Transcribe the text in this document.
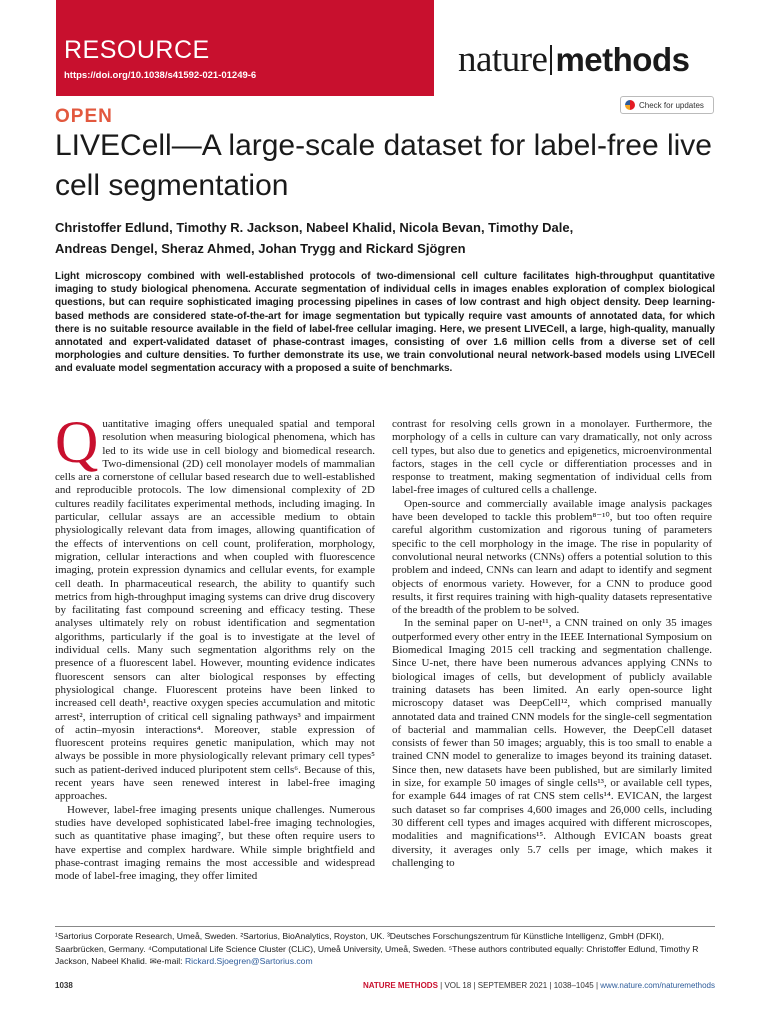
RESOURCE
https://doi.org/10.1038/s41592-021-01249-6	nature methods
Check for updates
OPEN
LIVECell—A large-scale dataset for label-free live cell segmentation
Christoffer Edlund, Timothy R. Jackson, Nabeel Khalid, Nicola Bevan, Timothy Dale,
Andreas Dengel, Sheraz Ahmed, Johan Trygg and Rickard Sjögren
Light microscopy combined with well-established protocols of two-dimensional cell culture facilitates high-throughput quantitative imaging to study biological phenomena. Accurate segmentation of individual cells in images enables exploration of complex biological questions, but can require sophisticated imaging processing pipelines in cases of low contrast and high object density. Deep learning-based methods are considered state-of-the-art for image segmentation but typically require vast amounts of annotated data, for which there is no suitable resource available in the field of label-free cellular imaging. Here, we present LIVECell, a large, high-quality, manually annotated and expert-validated dataset of phase-contrast images, consisting of over 1.6 million cells from a diverse set of cell morphologies and culture densities. To further demonstrate its use, we train convolutional neural network-based models using LIVECell and evaluate model segmentation accuracy with a proposed a suite of benchmarks.

Quantitative imaging offers unequaled spatial and temporal resolution when measuring biological phenomena, which has led to its wide use in cell biology and biomedical research. Two-dimensional (2D) cell monolayer models of mammalian cells are a cornerstone of cellular based research due to well-established and reproducible protocols. The low dimensional complexity of 2D cultures readily facilitates experimental methods, including imaging. In particular, cellular assays are an accessible medium to obtain physiologically relevant data from images, allowing quantification of the effects of interventions on cell count, proliferation, morphology, migration, cellular interactions and when coupled with fluorescence imaging, protein expression dynamics and cellular events, for example cell death. In pharmaceutical research, the ability to quantify such metrics from high-throughput imaging systems can drive drug discovery by facilitating fast compound screening and efficacy testing. These analyses ultimately rely on robust identification and segmentation algorithms, particularly if the goal is to investigate at the level of individual cells. Many such segmentation algorithms rely on the presence of a fluorescent label. However, mounting evidence indicates fluorescent sensors can alter biological responses by effecting physiological change. Fluorescent proteins have been linked to increased cell death¹, reactive oxygen species accumulation and mitotic arrest², interruption of critical cell signaling pathways³ and impairment of actin–myosin interactions⁴. Moreover, stable expression of fluorescent proteins requires genetic manipulation, which may not always be possible in more physiologically relevant primary cell types⁵ such as patient-derived induced pluripotent stem cells⁶. Because of this, recent years have seen renewed interest in label-free imaging approaches.

However, label-free imaging presents unique challenges. Numerous studies have developed sophisticated label-free imaging technologies, such as quantitative phase imaging⁷, but these often require users to have expertise and complex hardware. While simple brightfield and phase-contrast imaging remains the most accessible and widespread mode of label-free imaging, they offer limited

contrast for resolving cells grown in a monolayer. Furthermore, the morphology of a cells in culture can vary dramatically, not only across cell types, but also due to genetics and epigenetics, microenvironmental factors, stages in the cell cycle or differentiation processes and in response to treatment, making segmentation of individual cells from label-free images of cultured cells a challenge.

Open-source and commercially available image analysis packages have been developed to tackle this problem⁸⁻¹⁰, but too often require careful algorithm customization and rigorous tuning of parameters specific to the cell morphology in the image. The rise in popularity of convolutional neural networks (CNNs) offers a potential solution to this problem and indeed, CNNs can learn and adapt to identify and segment objects of enormous variety. However, for a CNN to produce good results, it first requires training with high-quality datasets representative of the breadth of the problem to be solved.

In the seminal paper on U-net¹¹, a CNN trained on only 35 images outperformed every other entry in the IEEE International Symposium on Biomedical Imaging 2015 cell tracking and segmentation challenge. Since U-net, there have been numerous advances applying CNNs to biological images of cells, but development of publicly available training datasets has been limited. An early open-source light microscopy dataset was DeepCell¹², which comprised manually annotated data and trained CNN models for the single-cell segmentation of bacterial and mammalian cells. However, the DeepCell dataset consists of fewer than 50 images; arguably, this is too small to enable a trained CNN model to generalize to images beyond its training dataset. Since then, new datasets have been published, but are similarly limited in size, for example 50 images of single cells¹³, or available cell types, for example 644 images of rat CNS stem cells¹⁴. EVICAN, the largest such dataset so far comprises 4,600 images and 26,000 cells, including 30 different cell types and images acquired with different microscopes, modalities and magnifications¹⁵. Although EVICAN boasts great diversity, it averages only 5.7 cells per image, which makes it challenging to

¹Sartorius Corporate Research, Umeå, Sweden. ²Sartorius, BioAnalytics, Royston, UK. ³Deutsches Forschungszentrum für Künstliche Intelligenz, GmbH (DFKI), Saarbrücken, Germany. ⁴Computational Life Science Cluster (CLiC), Umeå University, Umeå, Sweden. ⁵These authors contributed equally: Christoffer Edlund, Timothy R Jackson, Nabeel Khalid. ✉e-mail: Rickard.Sjoegren@Sartorius.com
1038	NATURE METHODS | VOL 18 | SEPTEMBER 2021 | 1038–1045 | www.nature.com/naturemethods
